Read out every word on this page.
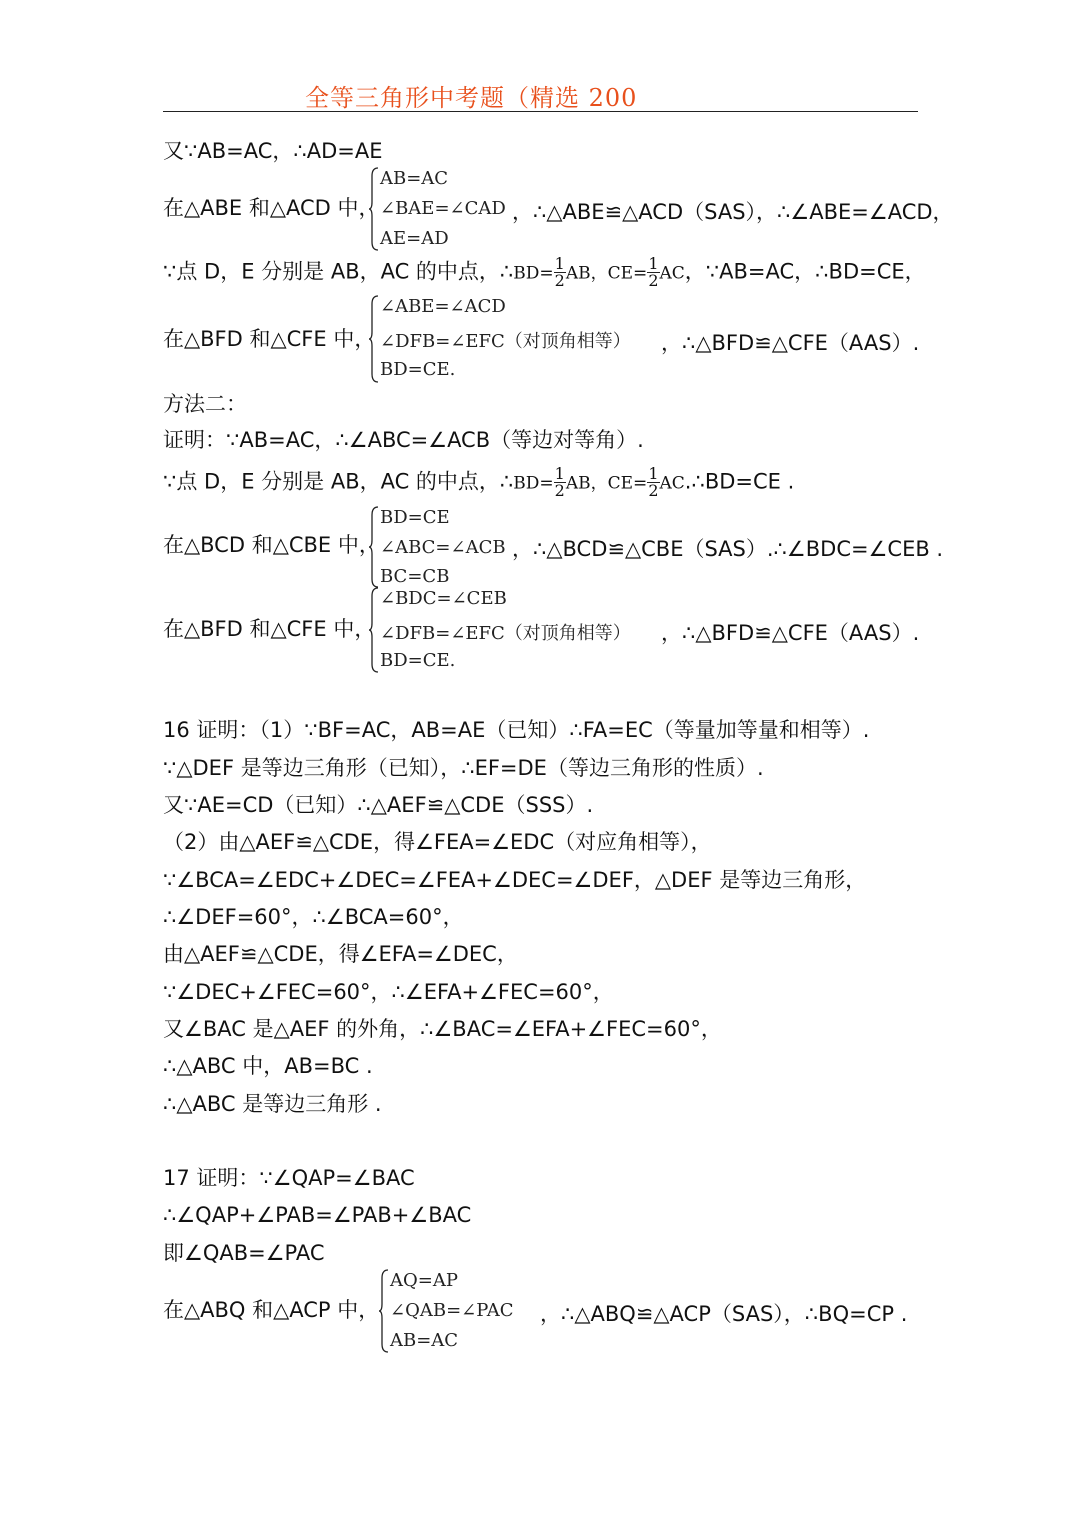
全等三角形中考题（精选 200
又∵AB=AC，∴AD=AE
在△ABE 和△ACD 中，
AB=AC
∠BAE=∠CAD
AE=AD
，∴△ABE≌△ACD（SAS），∴∠ABE=∠ACD，
∵点 D，E 分别是 AB，AC 的中点，∴BD= $\frac{1}{2}$ AB，$CE= \frac{1}{2}$ AC，∵AB=AC，∴BD=CE，
在△BFD 和△CFE 中，
∠ABE=∠ACD
∠DFB=∠EFC（对顶角相等）
BD=CE.
，∴△BFD≌△CFE（AAS）.
方法二：
证明：∵AB=AC，∴∠ABC=∠ACB（等边对等角）.
∵点 D，E 分别是 AB，AC 的中点，∴BD= $\frac{1}{2}$ AB，$CE= \frac{1}{2}$ AC.∴BD=CE .
在△BCD 和△CBE 中，
BD=CE
∠ABC=∠ACB
BC=CB
，∴△BCD≌△CBE（SAS）.∴∠BDC=∠CEB .
在△BFD 和△CFE 中，
∠BDC=∠CEB
∠DFB=∠EFC（对顶角相等）
BD=CE.
，∴△BFD≌△CFE（AAS）.
16 证明：（1）∵BF=AC，AB=AE（已知）∴FA=EC（等量加等量和相等）.
∵△DEF 是等边三角形（已知），∴EF=DE（等边三角形的性质）.
又∵AE=CD（已知）∴△AEF≌△CDE（SSS）.
（2）由△AEF≌△CDE，得∠FEA=∠EDC（对应角相等），
∵∠BCA=∠EDC+∠DEC=∠FEA+∠DEC=∠DEF，△DEF 是等边三角形，
∴∠DEF=60°，∴∠BCA=60°，
由△AEF≌△CDE，得∠EFA=∠DEC，
∵∠DEC+∠FEC=60°，∴∠EFA+∠FEC=60°，
又∠BAC 是△AEF 的外角，∴∠BAC=∠EFA+∠FEC=60°，
∴△ABC 中，AB=BC .
∴△ABC 是等边三角形 .
17 证明：∵∠QAP=∠BAC
∴∠QAP+∠PAB=∠PAB+∠BAC
即∠QAB=∠PAC
在△ABQ 和△ACP 中，
AQ=AP
∠QAB=∠PAC
AB=AC
，∴△ABQ≌△ACP（SAS），∴BQ=CP .
